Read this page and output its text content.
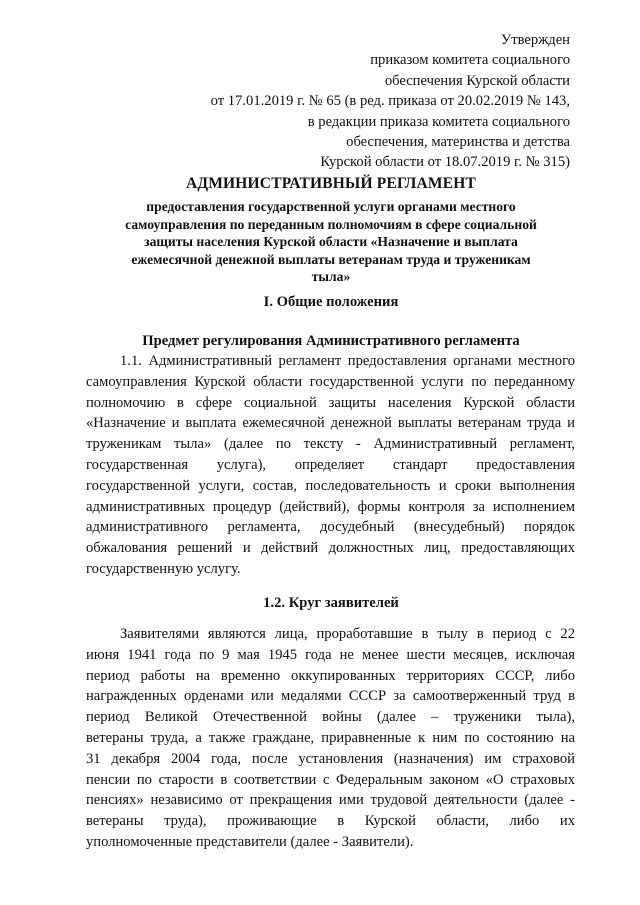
Утвержден
приказом комитета социального
обеспечения Курской области
от 17.01.2019 г. № 65 (в ред. приказа от 20.02.2019 № 143,
в редакции приказа комитета социального
обеспечения, материнства и детства
Курской области от 18.07.2019 г. № 315)
АДМИНИСТРАТИВНЫЙ РЕГЛАМЕНТ
предоставления государственной услуги органами местного
самоуправления по переданным полномочиям в сфере социальной
защиты населения Курской области «Назначение и выплата
ежемесячной денежной выплаты ветеранам труда и труженикам
тыла»
I. Общие положения
Предмет регулирования Административного регламента
1.1. Административный регламент предоставления органами местного
самоуправления Курской области государственной услуги по переданному
полномочию в сфере социальной защиты населения Курской области
«Назначение и выплата ежемесячной денежной выплаты ветеранам труда и
труженикам тыла» (далее по тексту - Административный регламент,
государственная услуга), определяет стандарт предоставления
государственной услуги, состав, последовательность и сроки выполнения
административных процедур (действий), формы контроля за исполнением
административного регламента, досудебный (внесудебный) порядок
обжалования решений и действий должностных лиц, предоставляющих
государственную услугу.
1.2. Круг заявителей
Заявителями являются лица, проработавшие в тылу в период с 22
июня 1941 года по 9 мая 1945 года не менее шести месяцев, исключая
период работы на временно оккупированных территориях СССР, либо
награжденных орденами или медалями СССР за самоотверженный труд в
период Великой Отечественной войны (далее – труженики тыла),
ветераны труда, а также граждане, приравненные к ним по состоянию на
31 декабря 2004 года, после установления (назначения) им страховой
пенсии по старости в соответствии с Федеральным законом «О страховых
пенсиях» независимо от прекращения ими трудовой деятельности (далее -
ветераны труда), проживающие в Курской области, либо их
уполномоченные представители (далее - Заявители).
